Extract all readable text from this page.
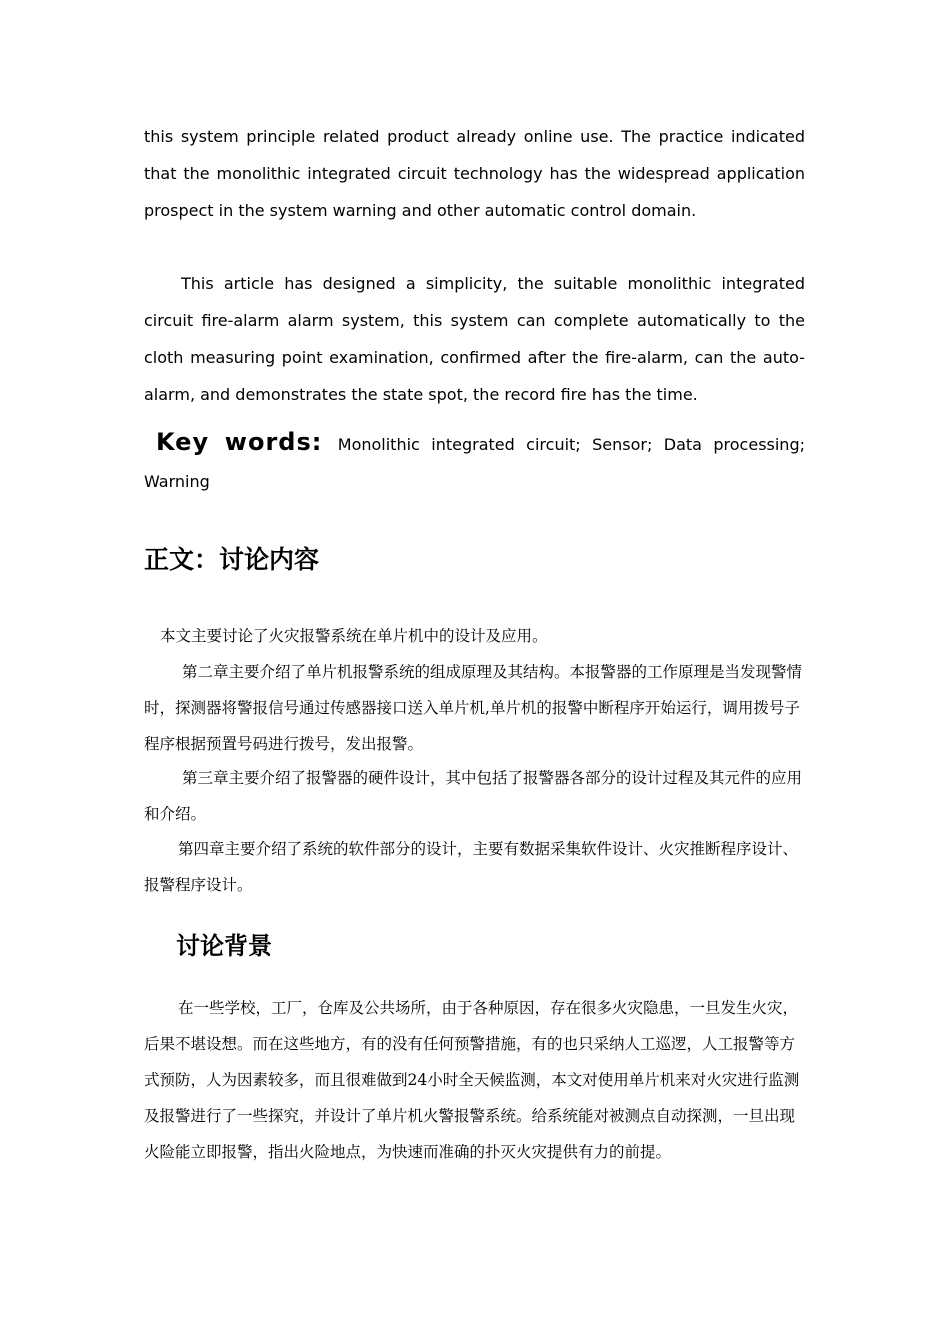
this system principle related product already online use. The practice indicated that the monolithic integrated circuit technology has the widespread application prospect in the system warning and other automatic control domain.

This article has designed a simplicity, the suitable monolithic integrated circuit fire-alarm alarm system, this system can complete automatically to the cloth measuring point examination, confirmed after the fire-alarm, can the auto-alarm, and demonstrates the state spot, the record fire has the time.

Key words: Monolithic integrated circuit; Sensor; Data processing; Warning

正文：讨论内容

本文主要讨论了火灾报警系统在单片机中的设计及应用。

第二章主要介绍了单片机报警系统的组成原理及其结构。本报警器的工作原理是当发现警情时，探测器将警报信号通过传感器接口送入单片机,单片机的报警中断程序开始运行，调用拨号子程序根据预置号码进行拨号，发出报警。

第三章主要介绍了报警器的硬件设计，其中包括了报警器各部分的设计过程及其元件的应用和介绍。

第四章主要介绍了系统的软件部分的设计，主要有数据采集软件设计、火灾推断程序设计、报警程序设计。

讨论背景

在一些学校，工厂，仓库及公共场所，由于各种原因，存在很多火灾隐患，一旦发生火灾，后果不堪设想。而在这些地方，有的没有任何预警措施，有的也只采纳人工巡逻，人工报警等方式预防，人为因素较多，而且很难做到24小时全天候监测，本文对使用单片机来对火灾进行监测及报警进行了一些探究，并设计了单片机火警报警系统。给系统能对被测点自动探测，一旦出现火险能立即报警，指出火险地点，为快速而准确的扑灭火灾提供有力的前提。
